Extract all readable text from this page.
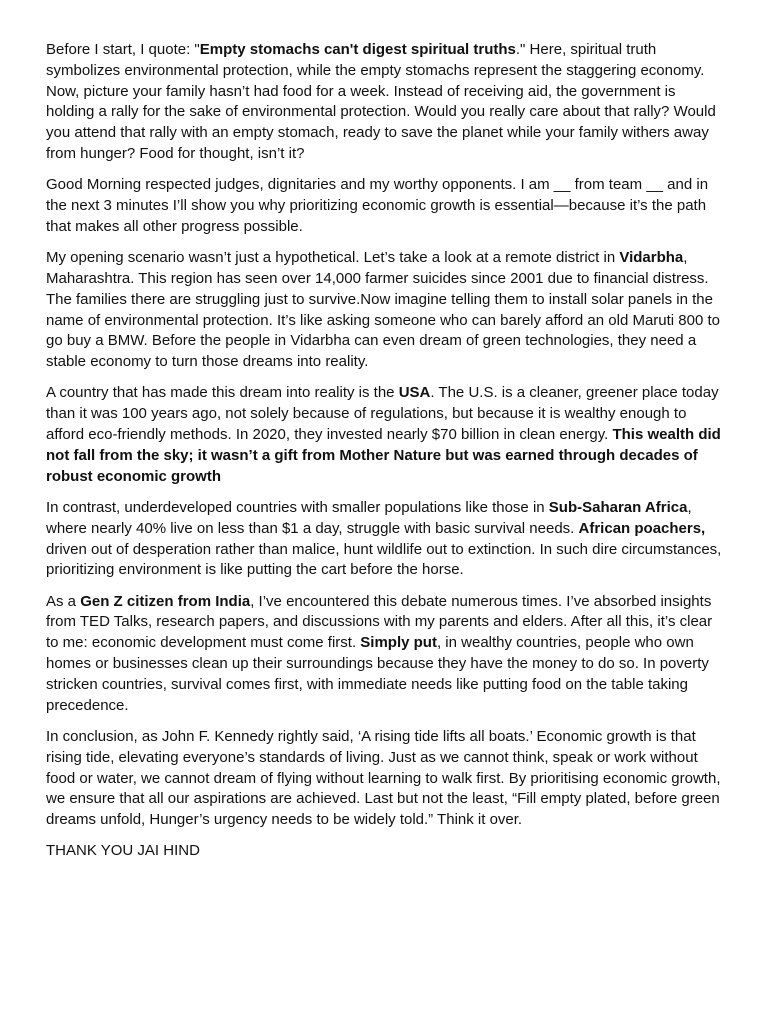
Before I start, I quote: "Empty stomachs can't digest spiritual truths." Here, spiritual truth symbolizes environmental protection, while the empty stomachs represent the staggering economy. Now, picture your family hasn’t had food for a week. Instead of receiving aid, the government is holding a rally for the sake of environmental protection. Would you really care about that rally? Would you attend that rally with an empty stomach, ready to save the planet while your family withers away from hunger? Food for thought, isn’t it?

Good Morning respected judges, dignitaries and my worthy opponents. I am __ from team __ and in the next 3 minutes I’ll show you why prioritizing economic growth is essential—because it’s the path that makes all other progress possible.

My opening scenario wasn’t just a hypothetical. Let’s take a look at a remote district in Vidarbha, Maharashtra. This region has seen over 14,000 farmer suicides since 2001 due to financial distress. The families there are struggling just to survive.Now imagine telling them to install solar panels in the name of environmental protection. It’s like asking someone who can barely afford an old Maruti 800 to go buy a BMW. Before the people in Vidarbha can even dream of green technologies, they need a stable economy to turn those dreams into reality.

A country that has made this dream into reality is the USA. The U.S. is a cleaner, greener place today than it was 100 years ago, not solely because of regulations, but because it is wealthy enough to afford eco-friendly methods. In 2020, they invested nearly $70 billion in clean energy. This wealth did not fall from the sky; it wasn’t a gift from Mother Nature but was earned through decades of robust economic growth

In contrast, underdeveloped countries with smaller populations like those in Sub-Saharan Africa, where nearly 40% live on less than $1 a day, struggle with basic survival needs. African poachers, driven out of desperation rather than malice, hunt wildlife out to extinction. In such dire circumstances, prioritizing environment is like putting the cart before the horse.

As a Gen Z citizen from India, I’ve encountered this debate numerous times. I’ve absorbed insights from TED Talks, research papers, and discussions with my parents and elders. After all this, it’s clear to me: economic development must come first. Simply put, in wealthy countries, people who own homes or businesses clean up their surroundings because they have the money to do so. In poverty stricken countries, survival comes first, with immediate needs like putting food on the table taking precedence.

In conclusion, as John F. Kennedy rightly said, ‘A rising tide lifts all boats.’ Economic growth is that rising tide, elevating everyone’s standards of living. Just as we cannot think, speak or work without food or water, we cannot dream of flying without learning to walk first. By prioritising economic growth, we ensure that all our aspirations are achieved. Last but not the least, “Fill empty plated, before green dreams unfold, Hunger’s urgency needs to be widely told.” Think it over.

THANK YOU JAI HIND
